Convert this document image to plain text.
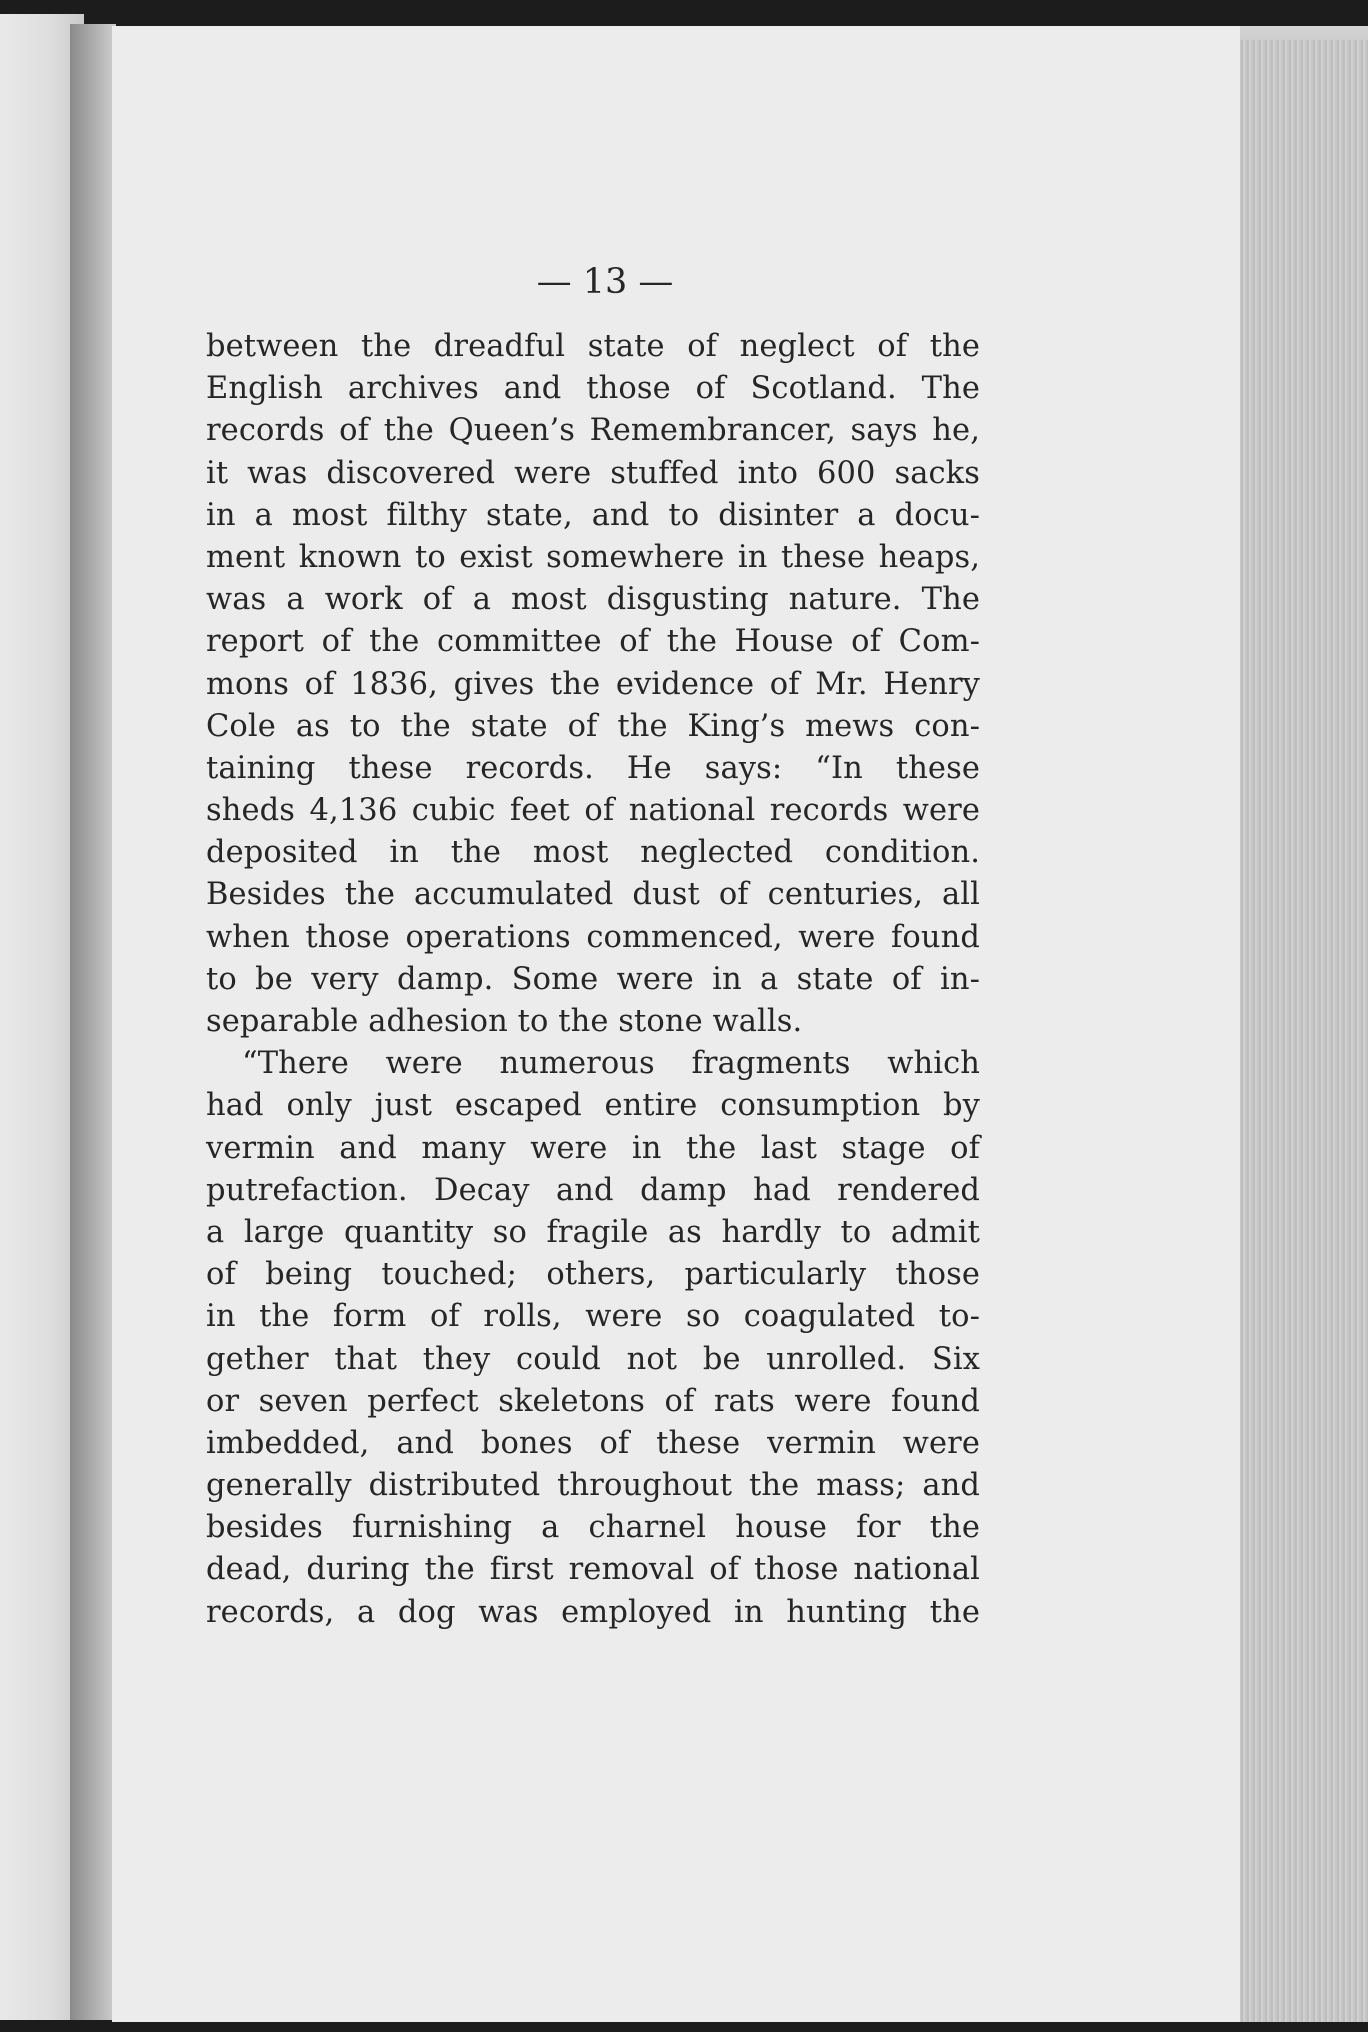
— 13 —
between the dreadful state of neglect of the
English archives and those of Scotland. The
records of the Queen’s Remembrancer, says he,
it was discovered were stuffed into 600 sacks
in a most filthy state, and to disinter a docu-
ment known to exist somewhere in these heaps,
was a work of a most disgusting nature. The
report of the committee of the House of Com-
mons of 1836, gives the evidence of Mr. Henry
Cole as to the state of the King’s mews con-
taining these records. He says: “In these
sheds 4,136 cubic feet of national records were
deposited in the most neglected condition.
Besides the accumulated dust of centuries, all
when those operations commenced, were found
to be very damp. Some were in a state of in-
separable adhesion to the stone walls.
“There were numerous fragments which
had only just escaped entire consumption by
vermin and many were in the last stage of
putrefaction. Decay and damp had rendered
a large quantity so fragile as hardly to admit
of being touched; others, particularly those
in the form of rolls, were so coagulated to-
gether that they could not be unrolled. Six
or seven perfect skeletons of rats were found
imbedded, and bones of these vermin were
generally distributed throughout the mass; and
besides furnishing a charnel house for the
dead, during the first removal of those national
records, a dog was employed in hunting the
